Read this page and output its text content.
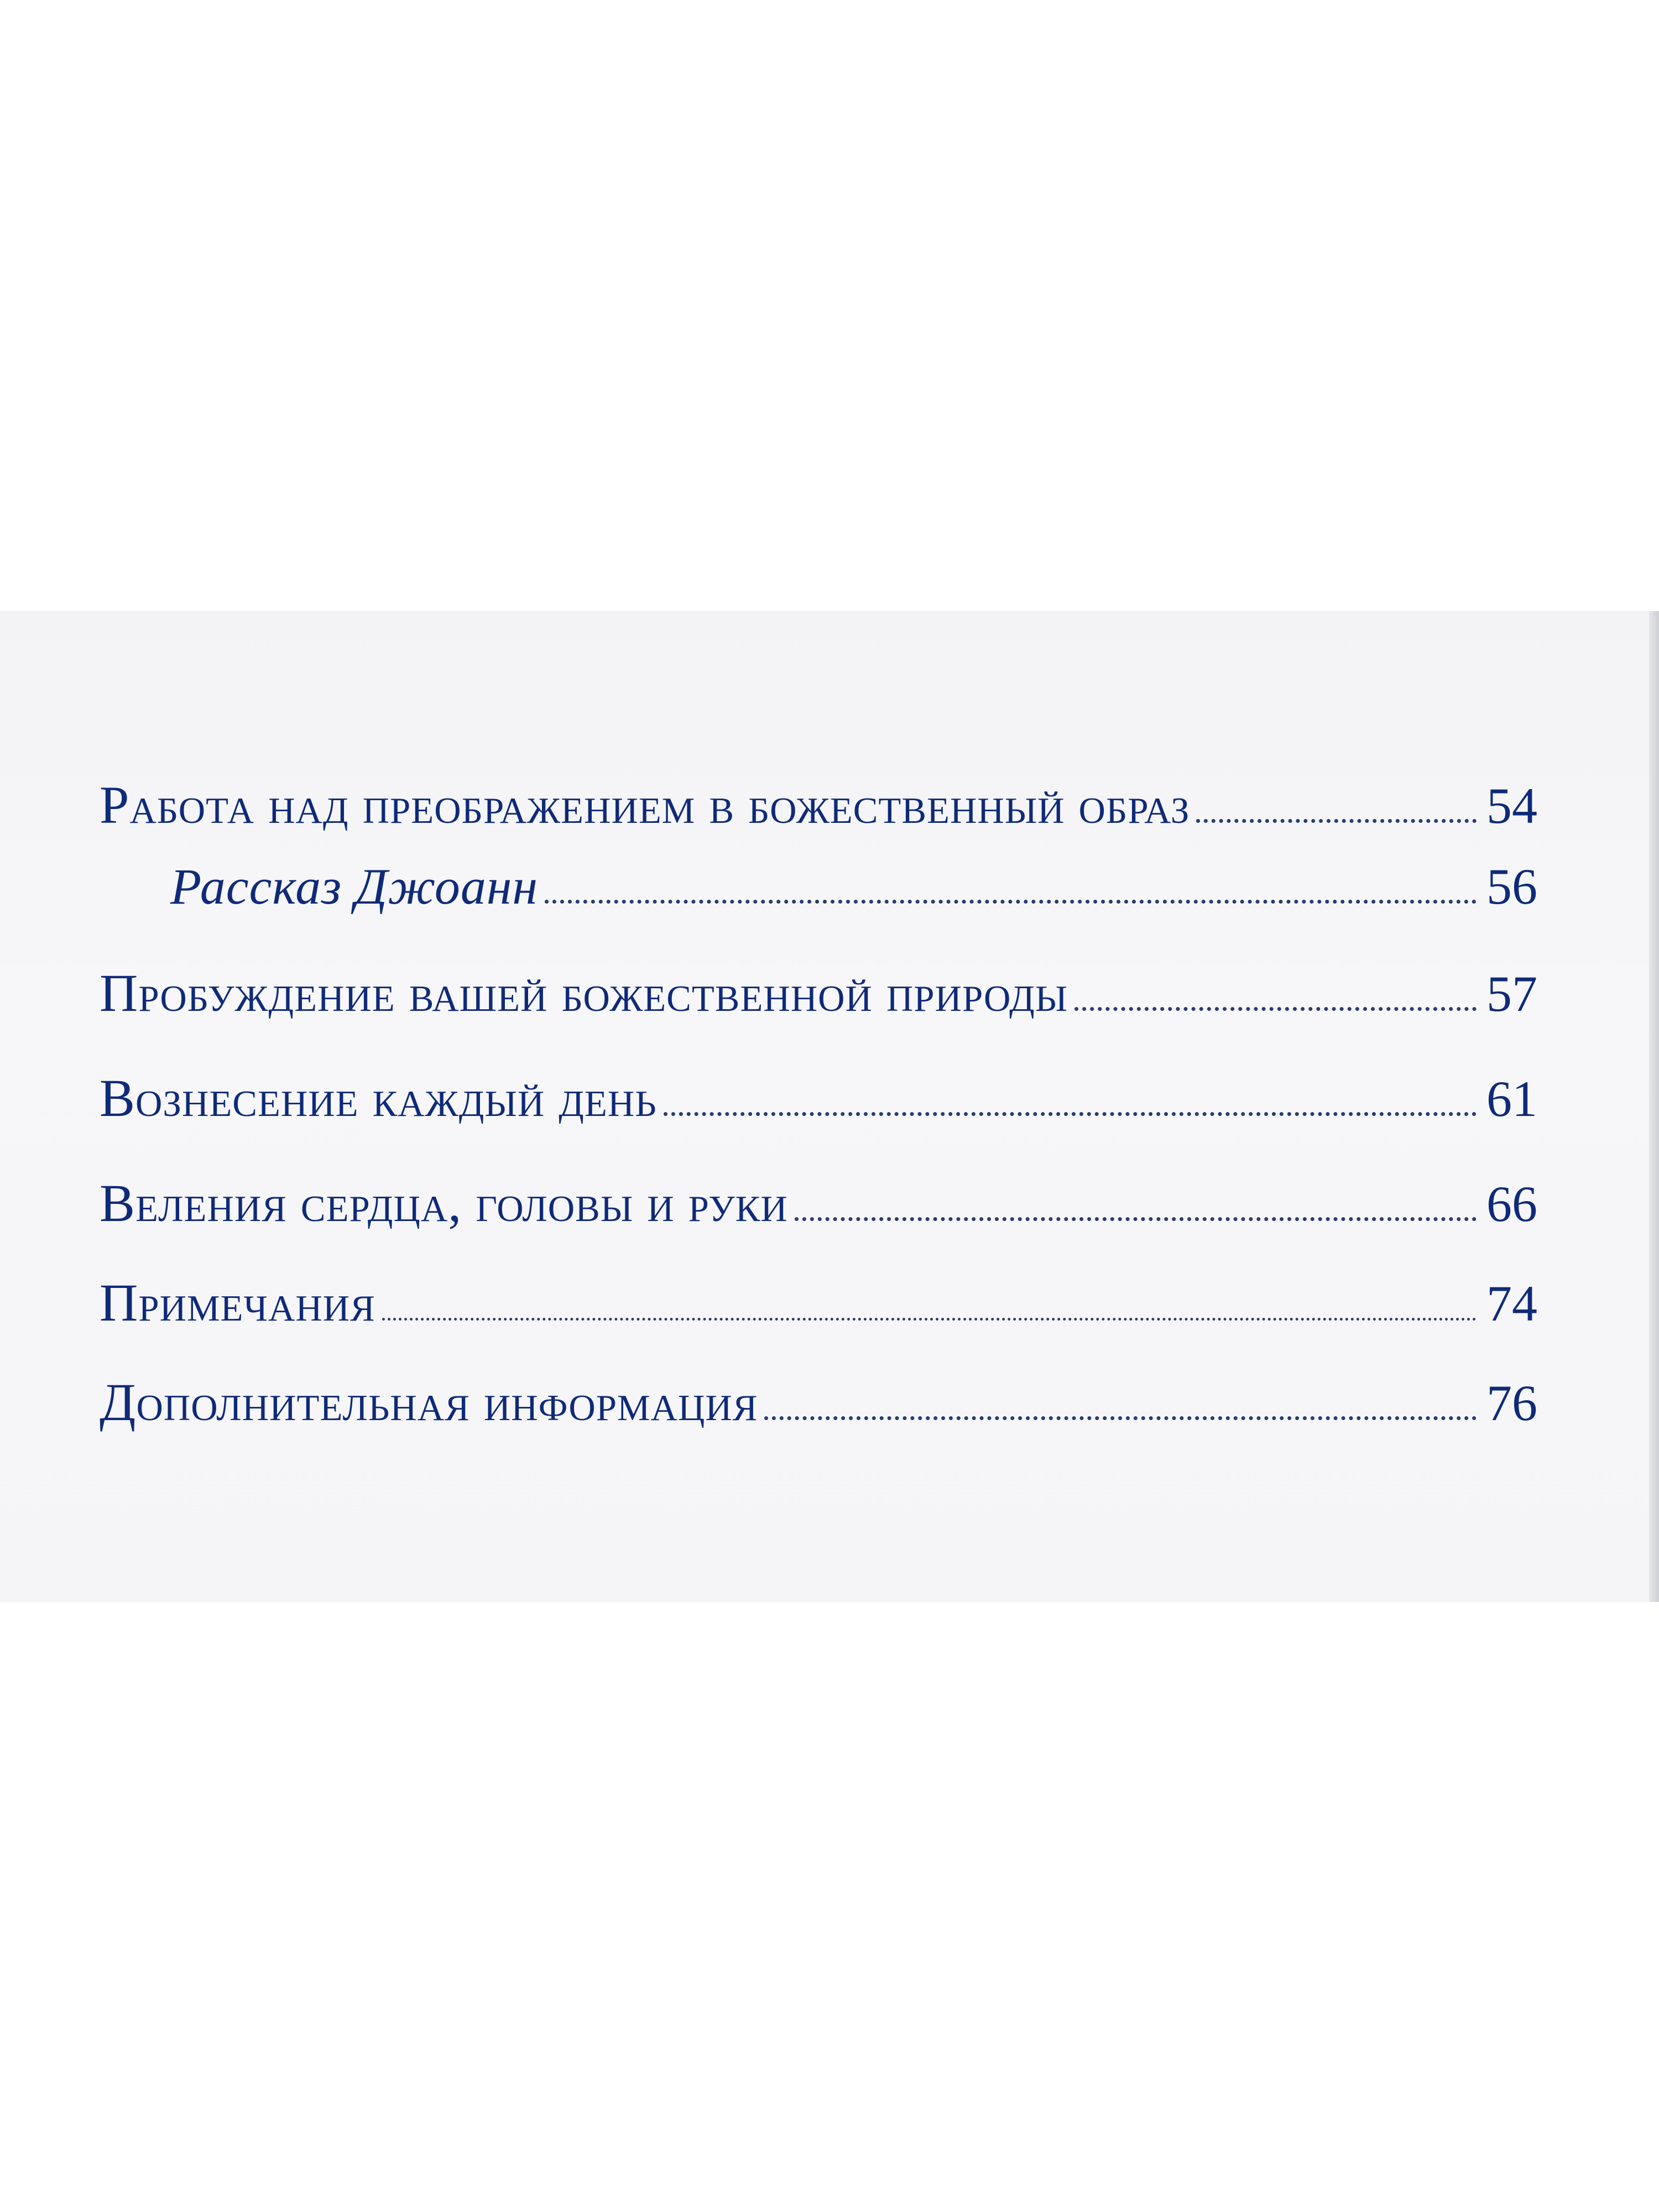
Работа над преображением в божественный образ	54
Рассказ Джоанн	56
Пробуждение вашей божественной природы	57
Вознесение каждый день	61
Веления сердца, головы и руки	66
Примечания	74
Дополнительная информация	76
